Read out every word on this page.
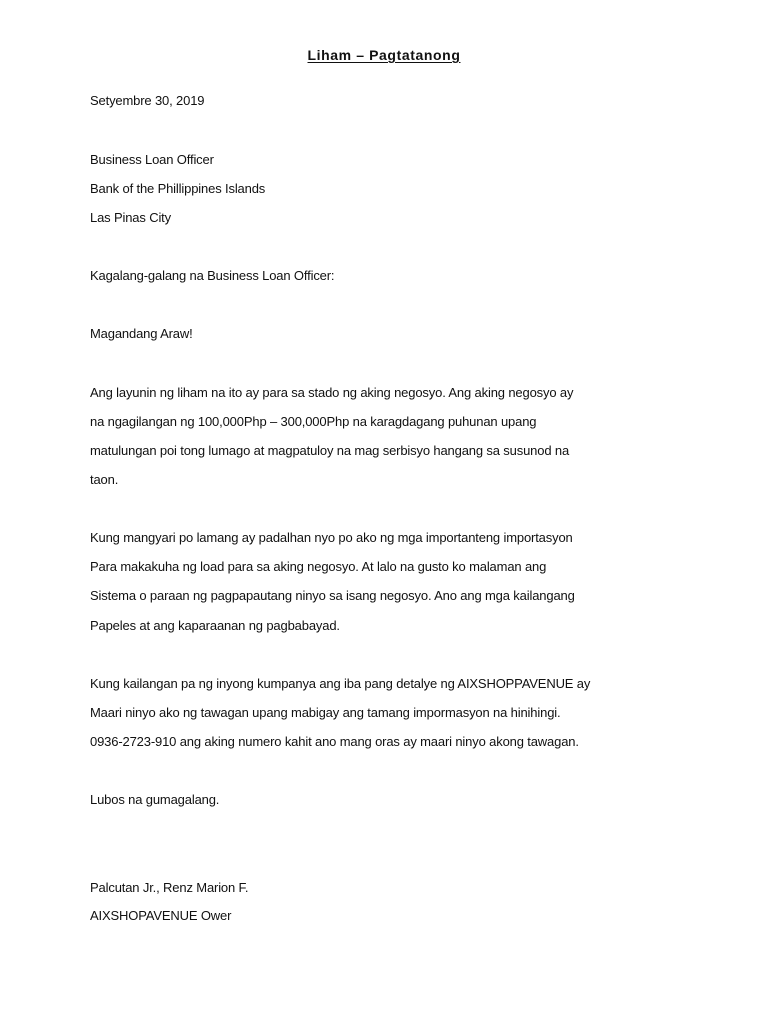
Liham – Pagtatanong
Setyembre 30, 2019
Business Loan Officer
Bank of the Phillippines Islands
Las Pinas City
Kagalang-galang na Business Loan Officer:
Magandang Araw!
Ang layunin ng liham na ito ay para sa stado ng aking negosyo. Ang aking negosyo ay
na ngagilangan ng 100,000Php – 300,000Php na karagdagang puhunan upang
matulungan poi tong lumago at magpatuloy na mag serbisyo hangang sa susunod na
taon.
Kung mangyari po lamang ay padalhan nyo po ako ng mga importanteng importasyon
Para makakuha ng load para sa aking negosyo. At lalo na gusto ko malaman ang
Sistema o paraan ng pagpapautang ninyo sa isang negosyo. Ano ang mga kailangang
Papeles at ang kaparaanan ng pagbabayad.
Kung kailangan pa ng inyong kumpanya ang iba pang detalye ng AIXSHOPPAVENUE ay
Maari ninyo ako ng tawagan upang mabigay ang tamang impormasyon na hinihingi.
0936-2723-910 ang aking numero kahit ano mang oras ay maari ninyo akong tawagan.
Lubos na gumagalang.
Palcutan Jr., Renz Marion F.
AIXSHOPAVENUE Ower
